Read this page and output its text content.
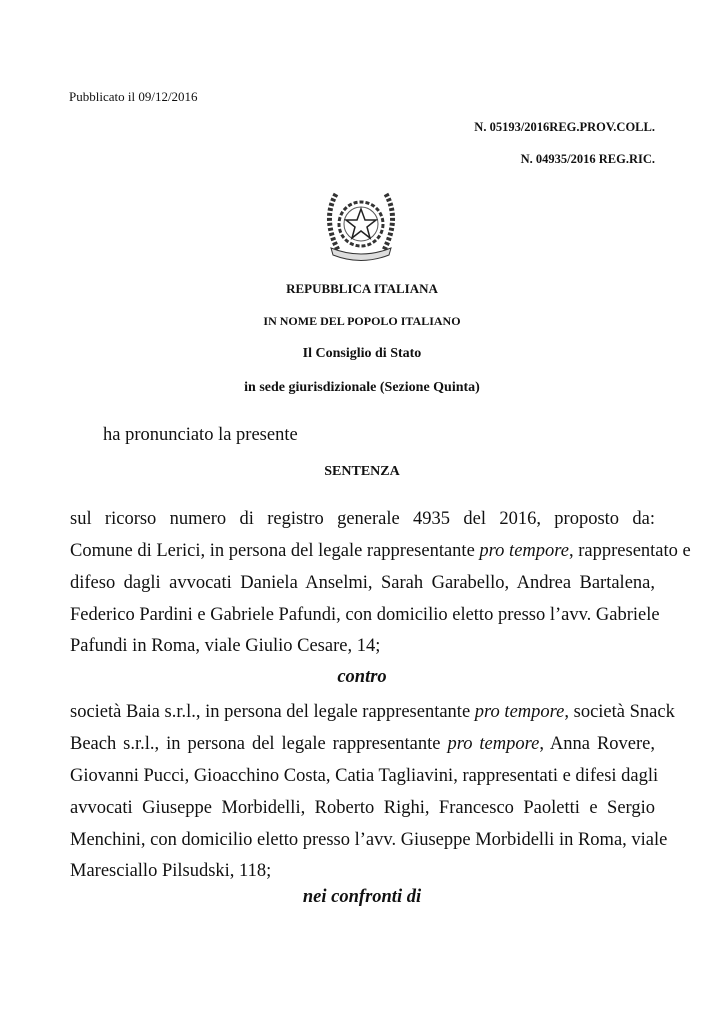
Pubblicato il 09/12/2016
N. 05193/2016REG.PROV.COLL.
N. 04935/2016 REG.RIC.
REPUBBLICA ITALIANA
IN NOME DEL POPOLO ITALIANO
Il Consiglio di Stato
in sede giurisdizionale (Sezione Quinta)
ha pronunciato la presente
SENTENZA
sul ricorso numero di registro generale 4935 del 2016, proposto da:
Comune di Lerici, in persona del legale rappresentante pro tempore, rappresentato e
difeso dagli avvocati Daniela Anselmi, Sarah Garabello, Andrea Bartalena,
Federico Pardini e Gabriele Pafundi, con domicilio eletto presso l’avv. Gabriele
Pafundi in Roma, viale Giulio Cesare, 14;
contro
società Baia s.r.l., in persona del legale rappresentante pro tempore, società Snack
Beach s.r.l., in persona del legale rappresentante pro tempore, Anna Rovere,
Giovanni Pucci, Gioacchino Costa, Catia Tagliavini, rappresentati e difesi dagli
avvocati Giuseppe Morbidelli, Roberto Righi, Francesco Paoletti e Sergio
Menchini, con domicilio eletto presso l’avv. Giuseppe Morbidelli in Roma, viale
Maresciallo Pilsudski, 118;
nei confronti di
